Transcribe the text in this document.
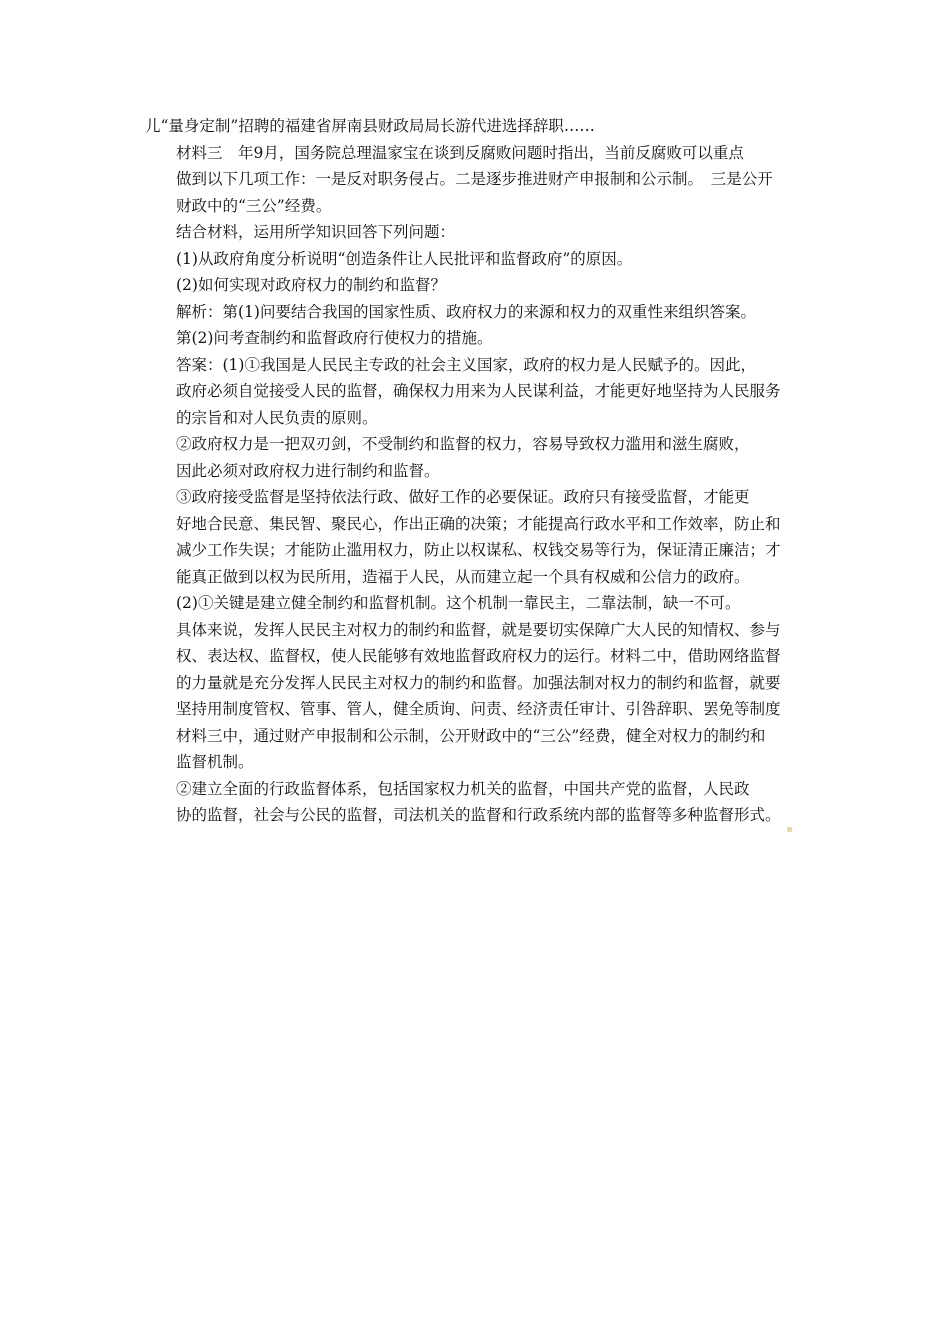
儿“量身定制”招聘的福建省屏南县财政局局长游代进选择辞职……

材料三　年9月，国务院总理温家宝在谈到反腐败问题时指出，当前反腐败可以重点
做到以下几项工作：一是反对职务侵占。二是逐步推进财产申报制和公示制。　三是公开
财政中的“三公”经费。

结合材料，运用所学知识回答下列问题：

(1)从政府角度分析说明“创造条件让人民批评和监督政府”的原因。

(2)如何实现对政府权力的制约和监督？

解析：第(1)问要结合我国的国家性质、政府权力的来源和权力的双重性来组织答案。
第(2)问考查制约和监督政府行使权力的措施。

答案：(1)①我国是人民民主专政的社会主义国家，政府的权力是人民赋予的。因此，
政府必须自觉接受人民的监督，确保权力用来为人民谋利益，才能更好地坚持为人民服务
的宗旨和对人民负责的原则。

②政府权力是一把双刃剑，不受制约和监督的权力，容易导致权力滥用和滋生腐败，
因此必须对政府权力进行制约和监督。

③政府接受监督是坚持依法行政、做好工作的必要保证。政府只有接受监督，才能更
好地合民意、集民智、聚民心，作出正确的决策；才能提高行政水平和工作效率，防止和
减少工作失误；才能防止滥用权力，防止以权谋私、权钱交易等行为，保证清正廉洁；才
能真正做到以权为民所用，造福于人民，从而建立起一个具有权威和公信力的政府。

(2)①关键是建立健全制约和监督机制。这个机制一靠民主，二靠法制，缺一不可。
具体来说，发挥人民民主对权力的制约和监督，就是要切实保障广大人民的知情权、参与
权、表达权、监督权，使人民能够有效地监督政府权力的运行。材料二中，借助网络监督
的力量就是充分发挥人民民主对权力的制约和监督。加强法制对权力的制约和监督，就要
坚持用制度管权、管事、管人，健全质询、问责、经济责任审计、引咎辞职、罢免等制度
材料三中，通过财产申报制和公示制，公开财政中的“三公”经费，健全对权力的制约和
监督机制。

②建立全面的行政监督体系，包括国家权力机关的监督，中国共产党的监督，人民政
协的监督，社会与公民的监督，司法机关的监督和行政系统内部的监督等多种监督形式。
